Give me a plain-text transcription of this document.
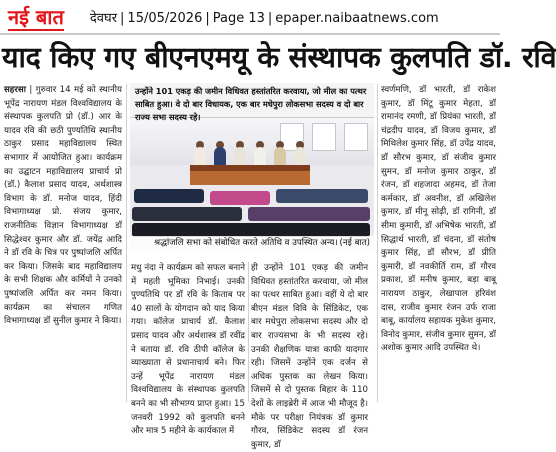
नई बात देवघर | 15/05/2026 | Page 13 | epaper.naibaatnews.com
याद किए गए बीएनएमयू के संस्थापक कुलपति डॉ. रवि
सहरसा | गुरुवार 14 मई को स्थानीय भूपेंद्र नारायण मंडल विश्वविद्यालय के संस्थापक कुलपति प्रो (डॉ.) आर के यादव रवि की छठी पुण्यतिथि स्थानीय ठाकुर प्रसाद महाविद्यालय स्थित सभागार में आयोजित हुआ। कार्यक्रम का उद्घाटन महाविद्यालय प्राचार्य प्रो (डॉ.) कैलाश प्रसाद यादव, अर्थशास्त्र विभाग के डॉ. मनोज यादव, हिंदी विभागाध्यक्ष प्रो. संजय कुमार, राजनीतिक विज्ञान विभागाध्यक्ष डॉ सिद्धेश्वर कुमार और डॉ. जयेंद्र आदि ने डॉ रवि के चित्र पर पुष्पांजलि अर्पित कर किया। जिसके बाद महाविद्यालय के सभी शिक्षक और कर्मियों ने उनको पुष्पांजलि अर्पित कर नमन किया। कार्यक्रम का संचालन गणित विभागाध्यक्ष डॉ सुनील कुमार ने किया।
उन्होंने 101 एकड़ की जमीन विधिवत हस्तांतरित करवाया, जो मील का पत्थर साबित हुआ। वे दो बार विधायक, एक बार मधेपुरा लोकसभा सदस्य व दो बार राज्य सभा सदस्य रहे।
श्रद्धांजलि सभा को संबोधित करते अतिथि व उपस्थित अन्य। (नई बात)
मधु नंदा ने कार्यक्रम को सफल बनाने में महती भूमिका निभाई। उनकी पुण्यतिथि पर डॉ रवि के किताब पर 40 सालों के योगदान को याद किया गया। कॉलेज प्राचार्य डॉ. कैलाश प्रसाद यादव और अर्थशास्त्र डॉ रवींद्र ने बताया डॉ. रवि ठीपी कॉलेज के व्याख्याता से प्रधानाचार्य बने। फिर उन्हें भूपेंद्र नारायण मंडल विश्वविद्यालय के संस्थापक कुलपति बनने का भी सौभाग्य प्राप्त हुआ। 15 जनवरी 1992 को कुलपति बनने और मात्र 5 महीने के कार्यकाल में
ही उन्होंने 101 एकड़ की जमीन विधिवत हस्तांतरित करवाया, जो मील का पत्थर साबित हुआ। वहीं ये दो बार बीएन मंडल विवि के सिंडिकेट, एक बार मधेपुरा लोकसभा सदस्य और दो बार राज्यसभा के भी सदस्य रहे। उनकी शैक्षणिक यात्रा काफी यादगार रही। जिसमें उन्होंने एक दर्जन से अधिक पुस्तक का लेखन किया। जिसमें से दो पुस्तक बिहार के 110 देशों के लाइब्रेरी में आज भी मौजूद है। मौके पर परीक्षा नियंत्रक डॉ कुमार गौरव, सिंडिकेट सदस्य डॉ रंजन कुमार, डॉ
स्वर्णमणि, डॉ भारती, डॉ राकेश कुमार, डॉ मिंटू कुमार मेहता, डॉ रामानंद रमणी, डॉ प्रियंका भारती, डॉ चंद्रदीप यादव, डॉ विजय कुमार, डॉ मिथिलेश कुमार सिंह, डॉ उपेंद्र यादव, डॉ सौरभ कुमार, डॉ संजीव कुमार सुमन, डॉ मनोज कुमार ठाकुर, डॉ रंजन, डॉ शहजादा अहमद, डॉ तेजा कर्मकार, डॉ अवनीश, डॉ अखिलेश कुमार, डॉ मीनू सोढ़ी, डॉ रागिनी, डॉ सीमा कुमारी, डॉ अभिषेक भारती, डॉ सिद्धार्थ भारती, डॉ चंदना, डॉ संतोष कुमार सिंह, डॉ सौरभ, डॉ प्रीति कुमारी, डॉ नवकीर्ति राम, डॉ गौरव प्रकाश, डॉ मनीष कुमार, बड़ा बाबू नारायण ठाकुर, लेखापाल हरिवंश दास, राजीव कुमार रंजन उर्फ राजा बाबू, कार्यालय सहायक मुकेश कुमार, विनोद कुमार, संजीव कुमार सुमन, डॉ अशोक कुमार आदि उपस्थित थे।
